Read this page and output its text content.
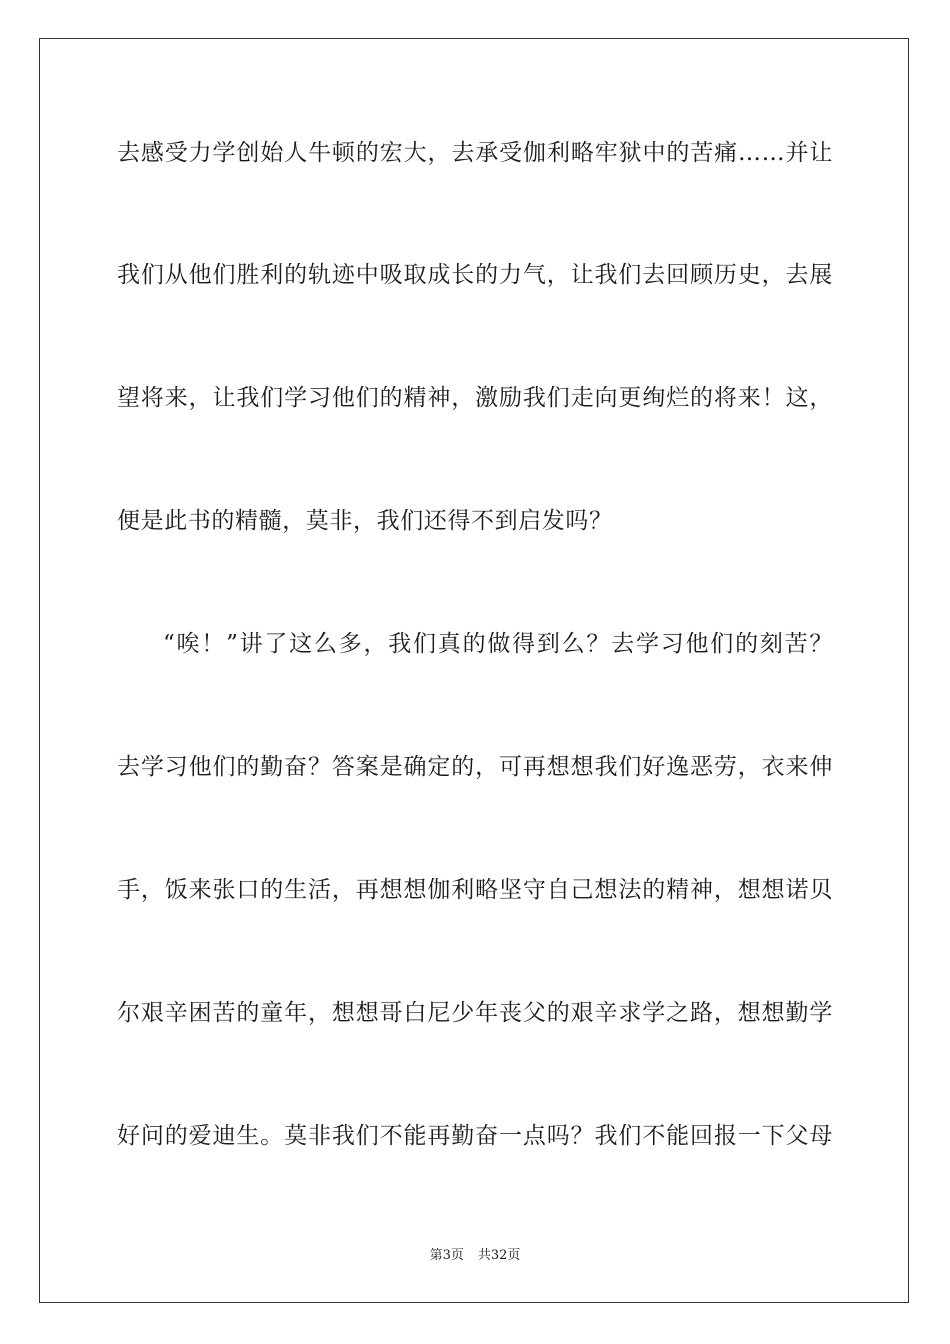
去感受力学创始人牛顿的宏大，去承受伽利略牢狱中的苦痛……并让
我们从他们胜利的轨迹中吸取成长的力气，让我们去回顾历史，去展
望将来，让我们学习他们的精神，激励我们走向更绚烂的将来！这，
便是此书的精髓，莫非，我们还得不到启发吗？
“唉！”讲了这么多，我们真的做得到么？去学习他们的刻苦？
去学习他们的勤奋？答案是确定的，可再想想我们好逸恶劳，衣来伸
手，饭来张口的生活，再想想伽利略坚守自己想法的精神，想想诺贝
尔艰辛困苦的童年，想想哥白尼少年丧父的艰辛求学之路，想想勤学
好问的爱迪生。莫非我们不能再勤奋一点吗？我们不能回报一下父母
第3页 共32页
